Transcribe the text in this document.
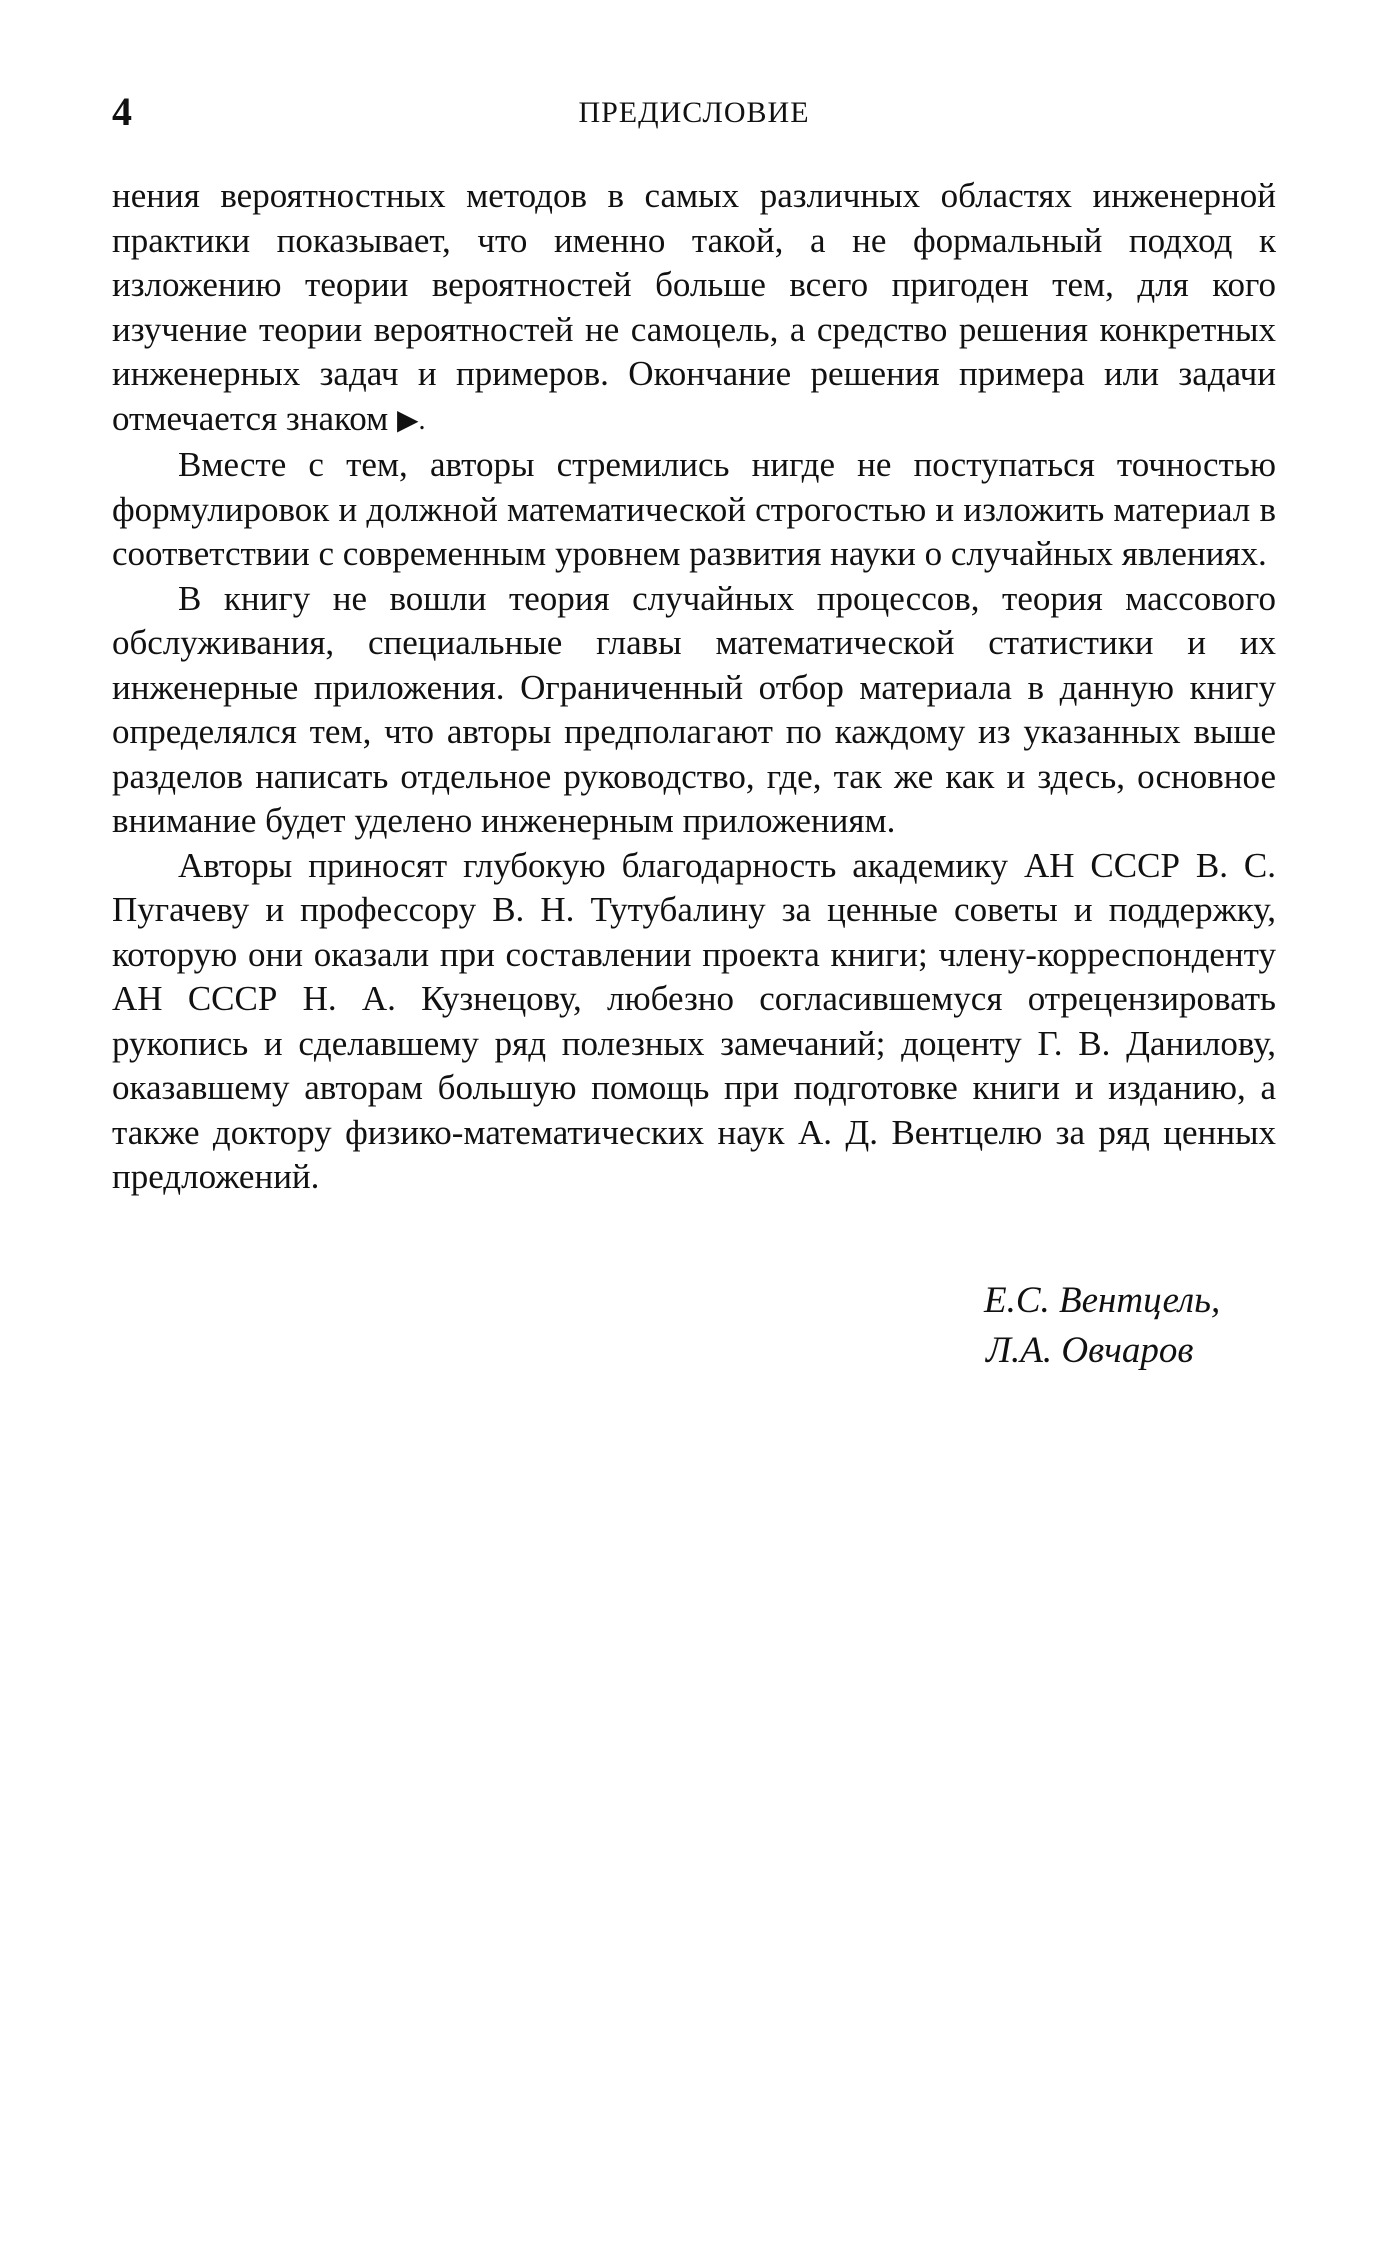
4	ПРЕДИСЛОВИЕ

нения вероятностных методов в самых различных областях инженерной практики показывает, что именно такой, а не формальный подход к изложению теории вероятностей больше всего пригоден тем, для кого изучение теории вероятностей не самоцель, а средство решения конкретных инженерных задач и примеров. Окончание решения примера или задачи отмечается знаком ▶.

Вместе с тем, авторы стремились нигде не поступаться точностью формулировок и должной математической строгостью и изложить материал в соответствии с современным уровнем развития науки о случайных явлениях.

В книгу не вошли теория случайных процессов, теория массового обслуживания, специальные главы математической статистики и их инженерные приложения. Ограниченный отбор материала в данную книгу определялся тем, что авторы предполагают по каждому из указанных выше разделов написать отдельное руководство, где, так же как и здесь, основное внимание будет уделено инженерным приложениям.

Авторы приносят глубокую благодарность академику АН СССР В. С. Пугачеву и профессору В. Н. Тутубалину за ценные советы и поддержку, которую они оказали при составлении проекта книги; члену-корреспонденту АН СССР Н. А. Кузнецову, любезно согласившемуся отрецензировать рукопись и сделавшему ряд полезных замечаний; доценту Г. В. Данилову, оказавшему авторам большую помощь при подготовке книги и изданию, а также доктору физико-математических наук А. Д. Вентцелю за ряд ценных предложений.

Е.С. Вентцель,
Л.А. Овчаров
